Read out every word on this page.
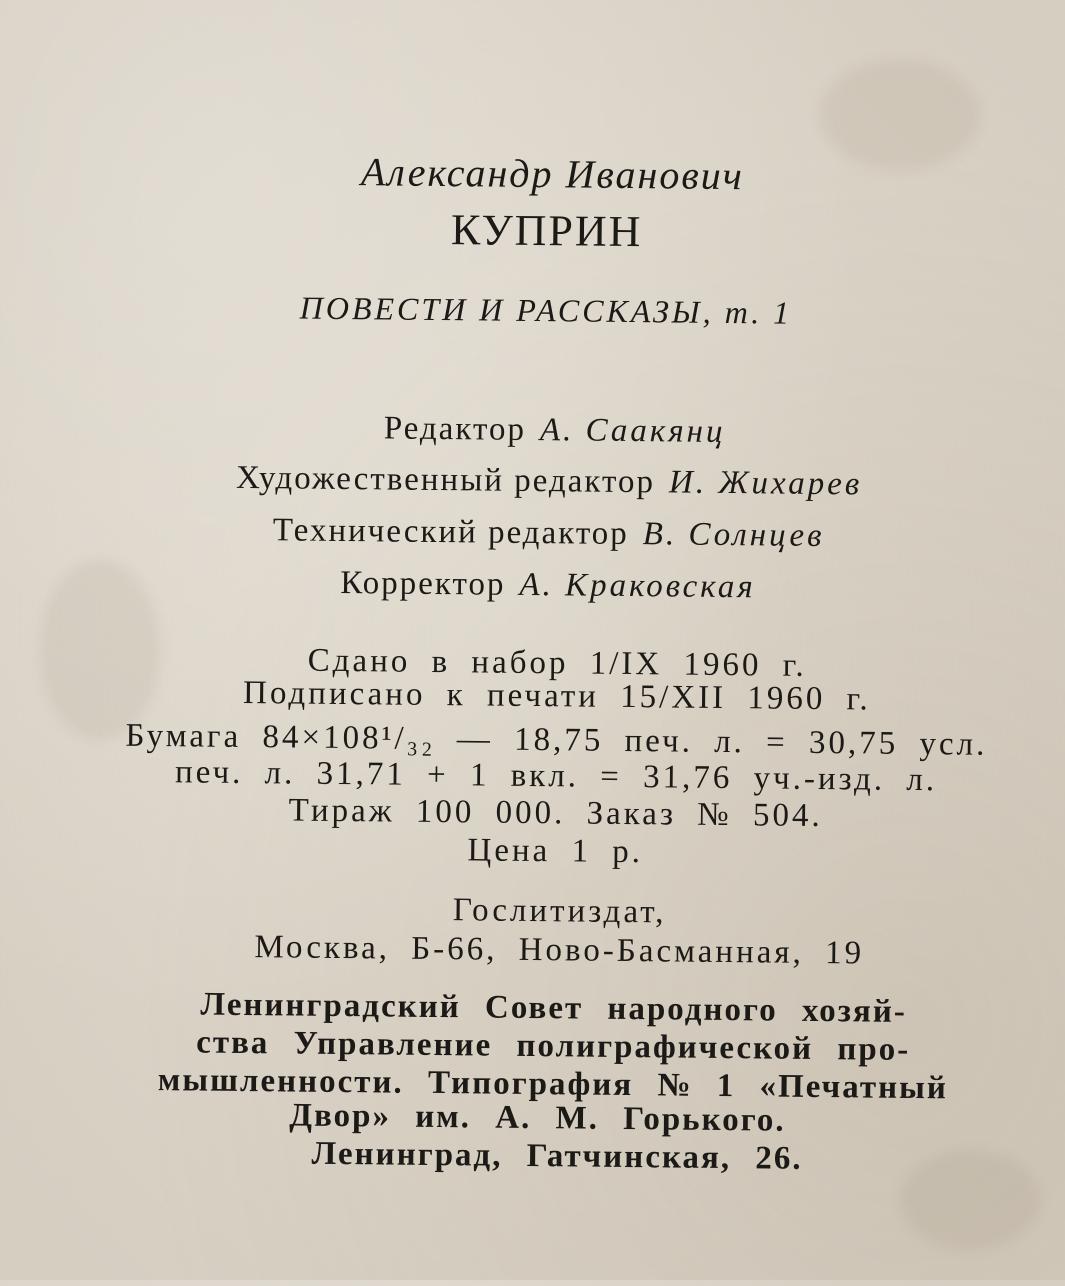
Александр Иванович
КУПРИН
ПОВЕСТИ И РАССКАЗЫ, т. 1
Редактор А. Саакянц
Художественный редактор И. Жихарев
Технический редактор В. Солнцев
Корректор А. Краковская
Сдано в набор 1/IX 1960 г.
Подписано к печати 15/XII 1960 г.
Бумага 84×108¹/₃₂ — 18,75 печ. л. = 30,75 усл.
печ. л. 31,71 + 1 вкл. = 31,76 уч.-изд. л.
Тираж 100 000. Заказ № 504.
Цена 1 р.
Гослитиздат,
Москва, Б-66, Ново-Басманная, 19
Ленинградский Совет народного хозяй-
ства Управление полиграфической про-
мышленности. Типография № 1 «Печатный
Двор» им. А. М. Горького.
Ленинград, Гатчинская, 26.
